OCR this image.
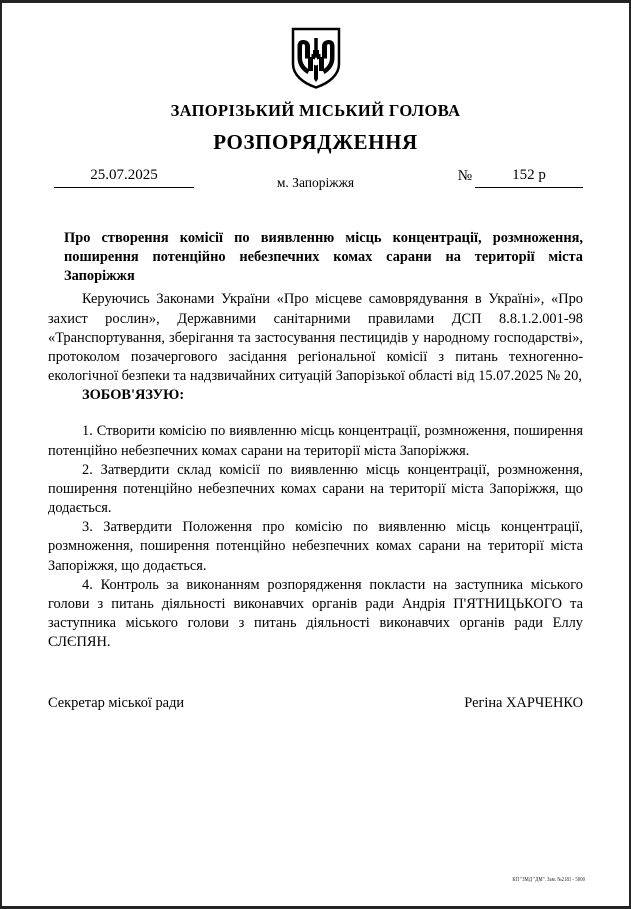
ЗАПОРІЗЬКИЙ МІСЬКИЙ ГОЛОВА
РОЗПОРЯДЖЕННЯ
25.07.2025	м. Запоріжжя	№	152 р
Про створення комісії по виявленню місць концентрації, розмноження, поширення потенційно небезпечних комах сарани на території міста Запоріжжя

Керуючись Законами України «Про місцеве самоврядування в Україні», «Про захист рослин», Державними санітарними правилами ДСП 8.8.1.2.001-98 «Транспортування, зберігання та застосування пестицидів у народному господарстві», протоколом позачергового засідання регіональної комісії з питань техногенно-екологічної безпеки та надзвичайних ситуацій Запорізької області від 15.07.2025 № 20,

ЗОБОВ'ЯЗУЮ:

1. Створити комісію по виявленню місць концентрації, розмноження, поширення потенційно небезпечних комах сарани на території міста Запоріжжя.

2. Затвердити склад комісії по виявленню місць концентрації, розмноження, поширення потенційно небезпечних комах сарани на території міста Запоріжжя, що додається.

3. Затвердити Положення про комісію по виявленню місць концентрації, розмноження, поширення потенційно небезпечних комах сарани на території міста Запоріжжя, що додається.

4. Контроль за виконанням розпорядження покласти на заступника міського голови з питань діяльності виконавчих органів ради Андрія П'ЯТНИЦЬКОГО та заступника міського голови з питань діяльності виконавчих органів ради Еллу СЛЄПЯН.

Секретар міської ради	Регіна ХАРЧЕНКО
КП "ЗМД "ДМ". Зам. №2181 - 5000
